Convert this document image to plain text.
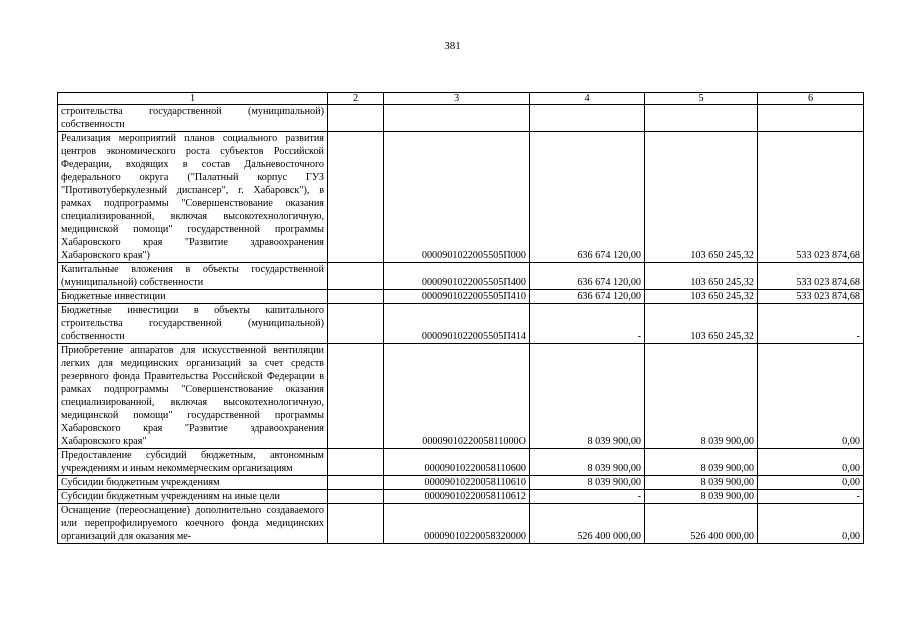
381
1	2	3	4	5	6
строительства государственной (муниципальной) собственности					
Реализация мероприятий планов социального развития центров экономического роста субъектов Российской Федерации, входящих в состав Дальневосточного федерального округа ("Палатный корпус ГУЗ "Противотуберкулезный диспансер", г. Хабаровск"), в рамках подпрограммы "Совершенствование оказания специализированной, включая высокотехнологичную, медицинской помощи" государственной программы Хабаровского края "Развитие здравоохранения Хабаровского края")		0000901022005505П000	636 674 120,00	103 650 245,32	533 023 874,68
Капитальные вложения в объекты государственной (муниципальной) собственности		0000901022005505П400	636 674 120,00	103 650 245,32	533 023 874,68
Бюджетные инвестиции		0000901022005505П410	636 674 120,00	103 650 245,32	533 023 874,68
Бюджетные инвестиции в объекты капитального строительства государственной (муниципальной) собственности		0000901022005505П414	-	103 650 245,32	-
Приобретение аппаратов для искусственной вентиляции легких для медицинских организаций за счет средств резервного фонда Правительства Российской Федерации в рамках подпрограммы "Совершенствование оказания специализированной, включая высокотехнологичную, медицинской помощи" государственной программы Хабаровского края "Развитие здравоохранения Хабаровского края"		0000901022005811000О	8 039 900,00	8 039 900,00	0,00
Предоставление субсидий бюджетным, автономным учреждениям и иным некоммерческим организациям		00009010220058110600	8 039 900,00	8 039 900,00	0,00
Субсидии бюджетным учреждениям		00009010220058110610	8 039 900,00	8 039 900,00	0,00
Субсидии бюджетным учреждениям на иные цели		00009010220058110612	-	8 039 900,00	-
Оснащение (переоснащение) дополнительно создаваемого или перепрофилируемого коечного фонда медицинских организаций для оказания ме-		00009010220058320000	526 400 000,00	526 400 000,00	0,00
